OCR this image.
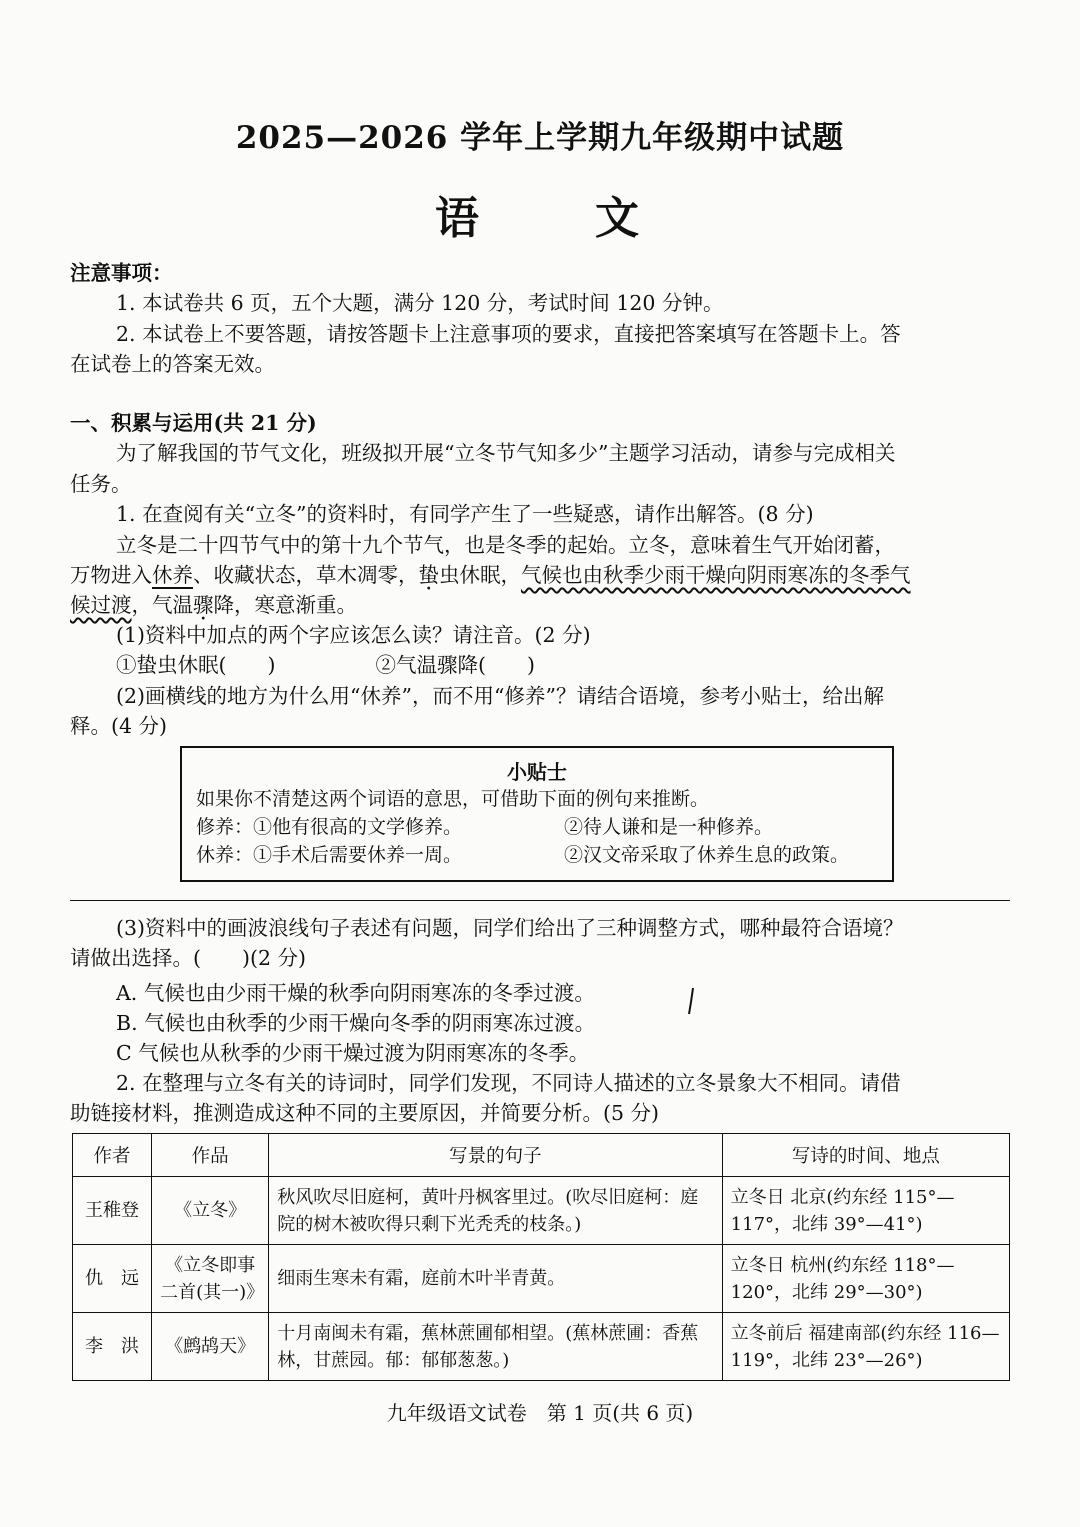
2025—2026 学年上学期九年级期中试题
语	文
注意事项：
1. 本试卷共 6 页，五个大题，满分 120 分，考试时间 120 分钟。
2. 本试卷上不要答题，请按答题卡上注意事项的要求，直接把答案填写在答题卡上。答
在试卷上的答案无效。
一、积累与运用(共 21 分)
为了解我国的节气文化，班级拟开展“立冬节气知多少”主题学习活动，请参与完成相关
任务。
1. 在查阅有关“立冬”的资料时，有同学产生了一些疑惑，请作出解答。(8 分)
立冬是二十四节气中的第十九个节气，也是冬季的起始。立冬，意味着生气开始闭蓄，
万物进入休养、收藏状态，草木凋零，蛰虫休眠，气候也由秋季少雨干燥向阴雨寒冻的冬季气
候过渡，气温骤降，寒意渐重。
(1)资料中加点的两个字应该怎么读？请注音。(2 分)
①蛰虫休眠(　　)	②气温骤降(　　)
(2)画横线的地方为什么用“休养”，而不用“修养”？请结合语境，参考小贴士，给出解
释。(4 分)
小贴士
如果你不清楚这两个词语的意思，可借助下面的例句来推断。
修养：①他有很高的文学修养。	②待人谦和是一种修养。
休养：①手术后需要休养一周。	②汉文帝采取了休养生息的政策。
(3)资料中的画波浪线句子表述有问题，同学们给出了三种调整方式，哪种最符合语境？
请做出选择。(　　)(2 分)
A. 气候也由少雨干燥的秋季向阴雨寒冻的冬季过渡。
B. 气候也由秋季的少雨干燥向冬季的阴雨寒冻过渡。
C 气候也从秋季的少雨干燥过渡为阴雨寒冻的冬季。
2. 在整理与立冬有关的诗词时，同学们发现，不同诗人描述的立冬景象大不相同。请借
助链接材料，推测造成这种不同的主要原因，并简要分析。(5 分)
作者	作品	写景的句子	写诗的时间、地点
王稚登	《立冬》	秋风吹尽旧庭柯，黄叶丹枫客里过。(吹尽旧庭柯：庭院的树木被吹得只剩下光秃秃的枝条。)	立冬日 北京(约东经 115°—117°，北纬 39°—41°)
仇　远	《立冬即事二首(其一)》	细雨生寒未有霜，庭前木叶半青黄。	立冬日 杭州(约东经 118°—120°，北纬 29°—30°)
李　洪	《鹧鸪天》	十月南闽未有霜，蕉林蔗圃郁相望。(蕉林蔗圃：香蕉林，甘蔗园。郁：郁郁葱葱。)	立冬前后 福建南部(约东经 116—119°，北纬 23°—26°)
九年级语文试卷　第 1 页(共 6 页)
